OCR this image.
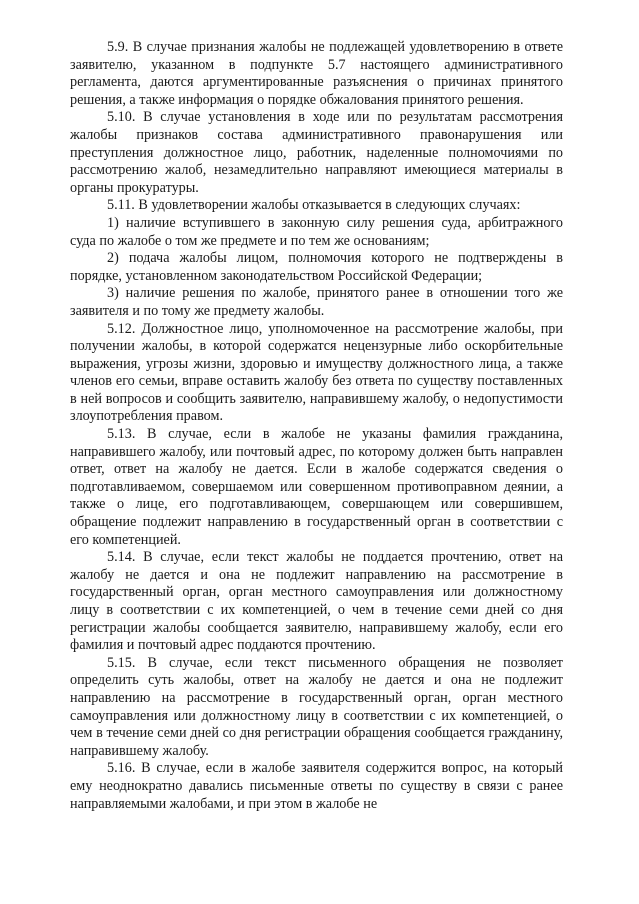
5.9. В случае признания жалобы не подлежащей удовлетворению в ответе заявителю, указанном в подпункте 5.7 настоящего административного регламента, даются аргументированные разъяснения о причинах принятого решения, а также информация о порядке обжалования принятого решения.

5.10. В случае установления в ходе или по результатам рассмотрения жалобы признаков состава административного правонарушения или преступления должностное лицо, работник, наделенные полномочиями по рассмотрению жалоб, незамедлительно направляют имеющиеся материалы в органы прокуратуры.

5.11. В удовлетворении жалобы отказывается в следующих случаях:

1) наличие вступившего в законную силу решения суда, арбитражного суда по жалобе о том же предмете и по тем же основаниям;

2) подача жалобы лицом, полномочия которого не подтверждены в порядке, установленном законодательством Российской Федерации;

3) наличие решения по жалобе, принятого ранее в отношении того же заявителя и по тому же предмету жалобы.

5.12. Должностное лицо, уполномоченное на рассмотрение жалобы, при получении жалобы, в которой содержатся нецензурные либо оскорбительные выражения, угрозы жизни, здоровью и имуществу должностного лица, а также членов его семьи, вправе оставить жалобу без ответа по существу поставленных в ней вопросов и сообщить заявителю, направившему жалобу, о недопустимости злоупотребления правом.

5.13. В случае, если в жалобе не указаны фамилия гражданина, направившего жалобу, или почтовый адрес, по которому должен быть направлен ответ, ответ на жалобу не дается. Если в жалобе содержатся сведения о подготавливаемом, совершаемом или совершенном противоправном деянии, а также о лице, его подготавливающем, совершающем или совершившем, обращение подлежит направлению в государственный орган в соответствии с его компетенцией.

5.14. В случае, если текст жалобы не поддается прочтению, ответ на жалобу не дается и она не подлежит направлению на рассмотрение в государственный орган, орган местного самоуправления или должностному лицу в соответствии с их компетенцией, о чем в течение семи дней со дня регистрации жалобы сообщается заявителю, направившему жалобу, если его фамилия и почтовый адрес поддаются прочтению.

5.15. В случае, если текст письменного обращения не позволяет определить суть жалобы, ответ на жалобу не дается и она не подлежит направлению на рассмотрение в государственный орган, орган местного самоуправления или должностному лицу в соответствии с их компетенцией, о чем в течение семи дней со дня регистрации обращения сообщается гражданину, направившему жалобу.

5.16. В случае, если в жалобе заявителя содержится вопрос, на который ему неоднократно давались письменные ответы по существу в связи с ранее направляемыми жалобами, и при этом в жалобе не
